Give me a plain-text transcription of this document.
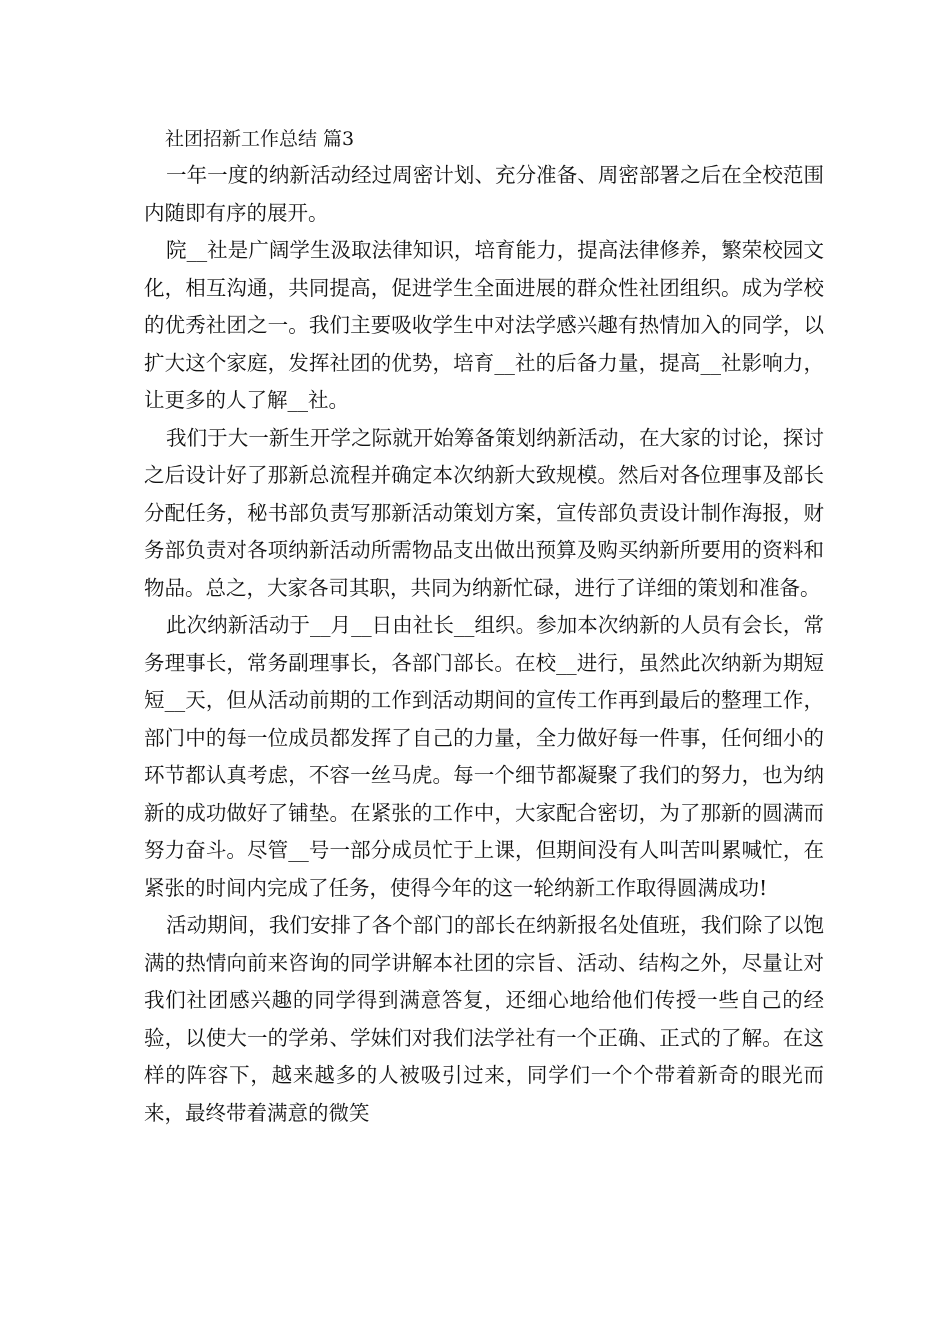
社团招新工作总结 篇3

一年一度的纳新活动经过周密计划、充分准备、周密部署之后在全校范围内随即有序的展开。

院__社是广阔学生汲取法律知识，培育能力，提高法律修养，繁荣校园文化，相互沟通，共同提高，促进学生全面进展的群众性社团组织。成为学校的优秀社团之一。我们主要吸收学生中对法学感兴趣有热情加入的同学，以扩大这个家庭，发挥社团的优势，培育__社的后备力量，提高__社影响力，让更多的人了解__社。

我们于大一新生开学之际就开始筹备策划纳新活动，在大家的讨论，探讨之后设计好了那新总流程并确定本次纳新大致规模。然后对各位理事及部长分配任务，秘书部负责写那新活动策划方案，宣传部负责设计制作海报，财务部负责对各项纳新活动所需物品支出做出预算及购买纳新所要用的资料和物品。总之，大家各司其职，共同为纳新忙碌，进行了详细的策划和准备。

此次纳新活动于__月__日由社长__组织。参加本次纳新的人员有会长，常务理事长，常务副理事长，各部门部长。在校__进行，虽然此次纳新为期短短__天，但从活动前期的工作到活动期间的宣传工作再到最后的整理工作，部门中的每一位成员都发挥了自己的力量，全力做好每一件事，任何细小的环节都认真考虑，不容一丝马虎。每一个细节都凝聚了我们的努力，也为纳新的成功做好了铺垫。在紧张的工作中，大家配合密切，为了那新的圆满而努力奋斗。尽管__号一部分成员忙于上课，但期间没有人叫苦叫累喊忙，在紧张的时间内完成了任务，使得今年的这一轮纳新工作取得圆满成功!

活动期间，我们安排了各个部门的部长在纳新报名处值班，我们除了以饱满的热情向前来咨询的同学讲解本社团的宗旨、活动、结构之外，尽量让对我们社团感兴趣的同学得到满意答复，还细心地给他们传授一些自己的经验，以使大一的学弟、学妹们对我们法学社有一个正确、正式的了解。在这样的阵容下，越来越多的人被吸引过来，同学们一个个带着新奇的眼光而来，最终带着满意的微笑
